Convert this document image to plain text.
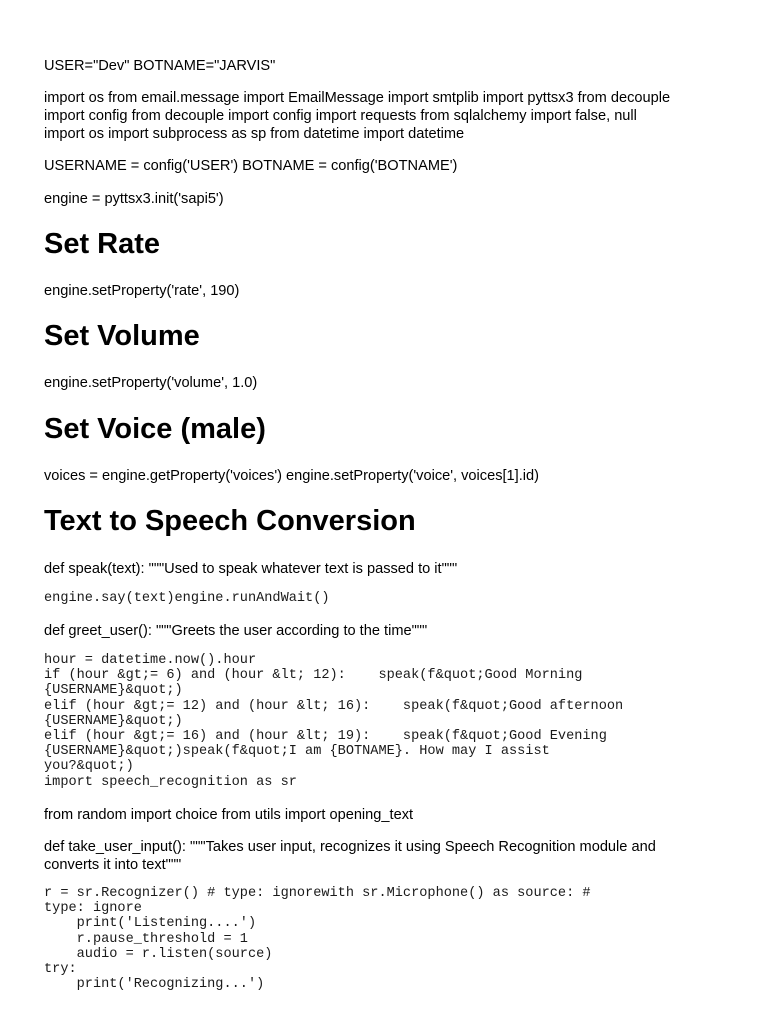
USER="Dev" BOTNAME="JARVIS"

import os from email.message import EmailMessage import smtplib import pyttsx3 from decouple
import config from decouple import config import requests from sqlalchemy import false, null
import os import subprocess as sp from datetime import datetime

USERNAME = config('USER') BOTNAME = config('BOTNAME')

engine = pyttsx3.init('sapi5')

Set Rate

engine.setProperty('rate', 190)

Set Volume

engine.setProperty('volume', 1.0)

Set Voice (male)

voices = engine.getProperty('voices') engine.setProperty('voice', voices[1].id)

Text to Speech Conversion

def speak(text): """Used to speak whatever text is passed to it"""

engine.say(text)engine.runAndWait()

def greet_user(): """Greets the user according to the time"""

hour = datetime.now().hour
if (hour &gt;= 6) and (hour &lt; 12):    speak(f&quot;Good Morning
{USERNAME}&quot;)
elif (hour &gt;= 12) and (hour &lt; 16):    speak(f&quot;Good afternoon
{USERNAME}&quot;)
elif (hour &gt;= 16) and (hour &lt; 19):    speak(f&quot;Good Evening
{USERNAME}&quot;)speak(f&quot;I am {BOTNAME}. How may I assist
you?&quot;)
import speech_recognition as sr

from random import choice from utils import opening_text

def take_user_input(): """Takes user input, recognizes it using Speech Recognition module and
converts it into text"""

r = sr.Recognizer() # type: ignorewith sr.Microphone() as source: #
type: ignore
print('Listening....')
r.pause_threshold = 1
audio = r.listen(source)
try:
print('Recognizing...')
